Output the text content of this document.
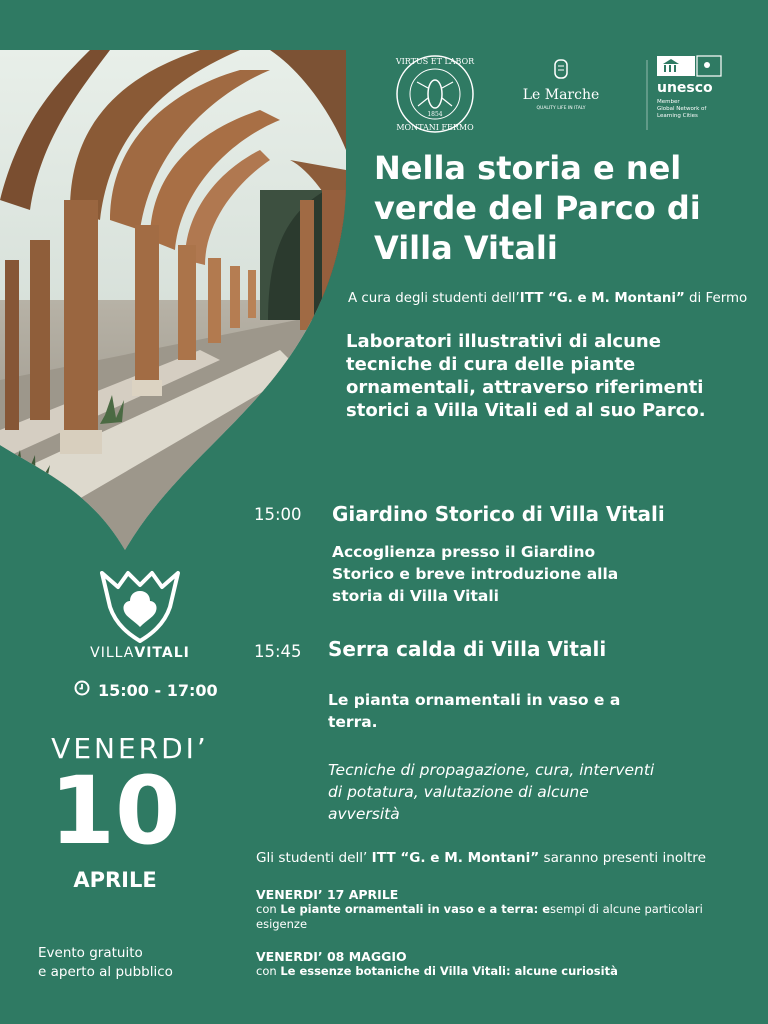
VIRTUS ET LABOR
MONTANI FERMO
1854
Le Marche
QUALITY LIFE IN ITALY
unesco
Member
Global Network of
Learning Cities
Nella storia e nel
verde del Parco di
Villa Vitali
A cura degli studenti dell’ITT “G. e M. Montani” di Fermo
Laboratori illustrativi di alcune
tecniche di cura delle piante
ornamentali, attraverso riferimenti
storici a Villa Vitali ed al suo Parco.
15:00 Giardino Storico di Villa Vitali
Accoglienza presso il Giardino
Storico e breve introduzione alla
storia di Villa Vitali
15:45 Serra calda di Villa Vitali
Le pianta ornamentali in vaso e a
terra.
Tecniche di propagazione, cura, interventi
di potatura, valutazione di alcune
avversità
Gli studenti dell’ ITT “G. e M. Montani” saranno presenti inoltre
VENERDI’ 17 APRILE
con Le piante ornamentali in vaso e a terra: esempi di alcune particolari
esigenze
VENERDI’ 08 MAGGIO
con Le essenze botaniche di Villa Vitali: alcune curiosità
VILLAVITALI
15:00 - 17:00
VENERDI’
10
APRILE
Evento gratuito
e aperto al pubblico
